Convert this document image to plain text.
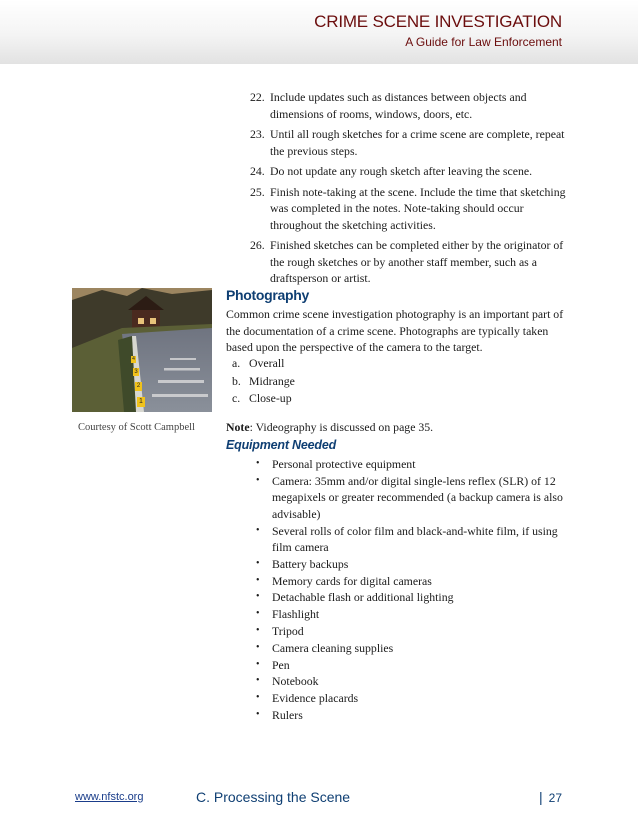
CRIME SCENE INVESTIGATION
A Guide for Law Enforcement
22. Include updates such as distances between objects and dimensions of rooms, windows, doors, etc.
23. Until all rough sketches for a crime scene are complete, repeat the previous steps.
24. Do not update any rough sketch after leaving the scene.
25. Finish note-taking at the scene. Include the time that sketching was completed in the notes. Note-taking should occur throughout the sketching activities.
26. Finished sketches can be completed either by the originator of the rough sketches or by another staff member, such as a draftsperson or artist.
4
3
2
1
Courtesy of Scott Campbell
Photography
Common crime scene investigation photography is an important part of the documentation of a crime scene. Photographs are typically taken based upon the perspective of the camera to the target.
a. Overall
b. Midrange
c. Close-up
Note: Videography is discussed on page 35.
Equipment Needed
• Personal protective equipment
• Camera: 35mm and/or digital single-lens reflex (SLR) of 12 megapixels or greater recommended (a backup camera is also advisable)
• Several rolls of color film and black-and-white film, if using film camera
• Battery backups
• Memory cards for digital cameras
• Detachable flash or additional lighting
• Flashlight
• Tripod
• Camera cleaning supplies
• Pen
• Notebook
• Evidence placards
• Rulers
www.nfstc.org	C. Processing the Scene	| 27
